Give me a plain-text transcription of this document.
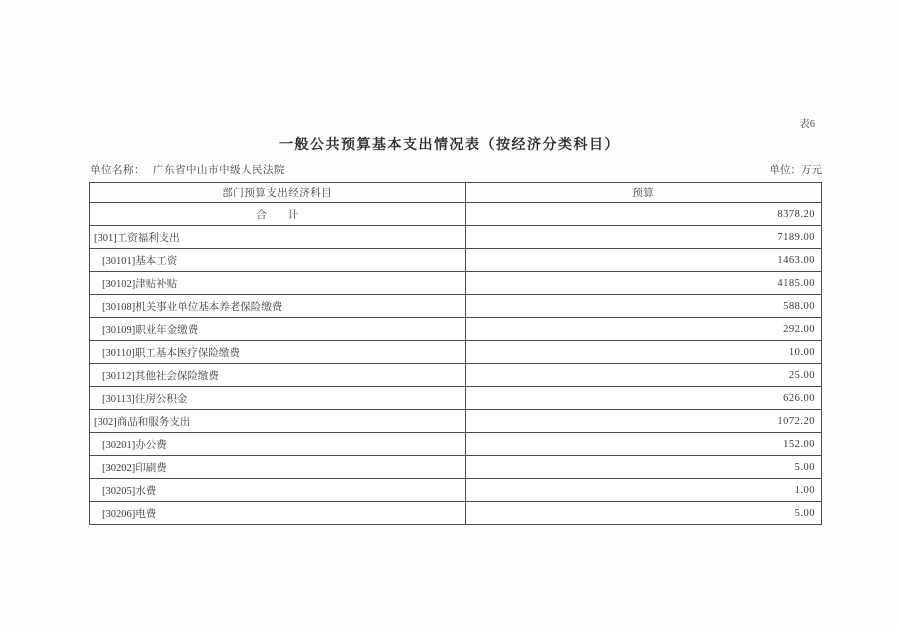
表6
一般公共预算基本支出情况表（按经济分类科目）
单位名称： 广东省中山市中级人民法院	单位：万元
部门预算支出经济科目	预算
合　　计	8378.20
[301]工资福利支出	7189.00
[30101]基本工资	1463.00
[30102]津贴补贴	4185.00
[30108]机关事业单位基本养老保险缴费	588.00
[30109]职业年金缴费	292.00
[30110]职工基本医疗保险缴费	10.00
[30112]其他社会保险缴费	25.00
[30113]住房公积金	626.00
[302]商品和服务支出	1072.20
[30201]办公费	152.00
[30202]印刷费	5.00
[30205]水费	1.00
[30206]电费	5.00
